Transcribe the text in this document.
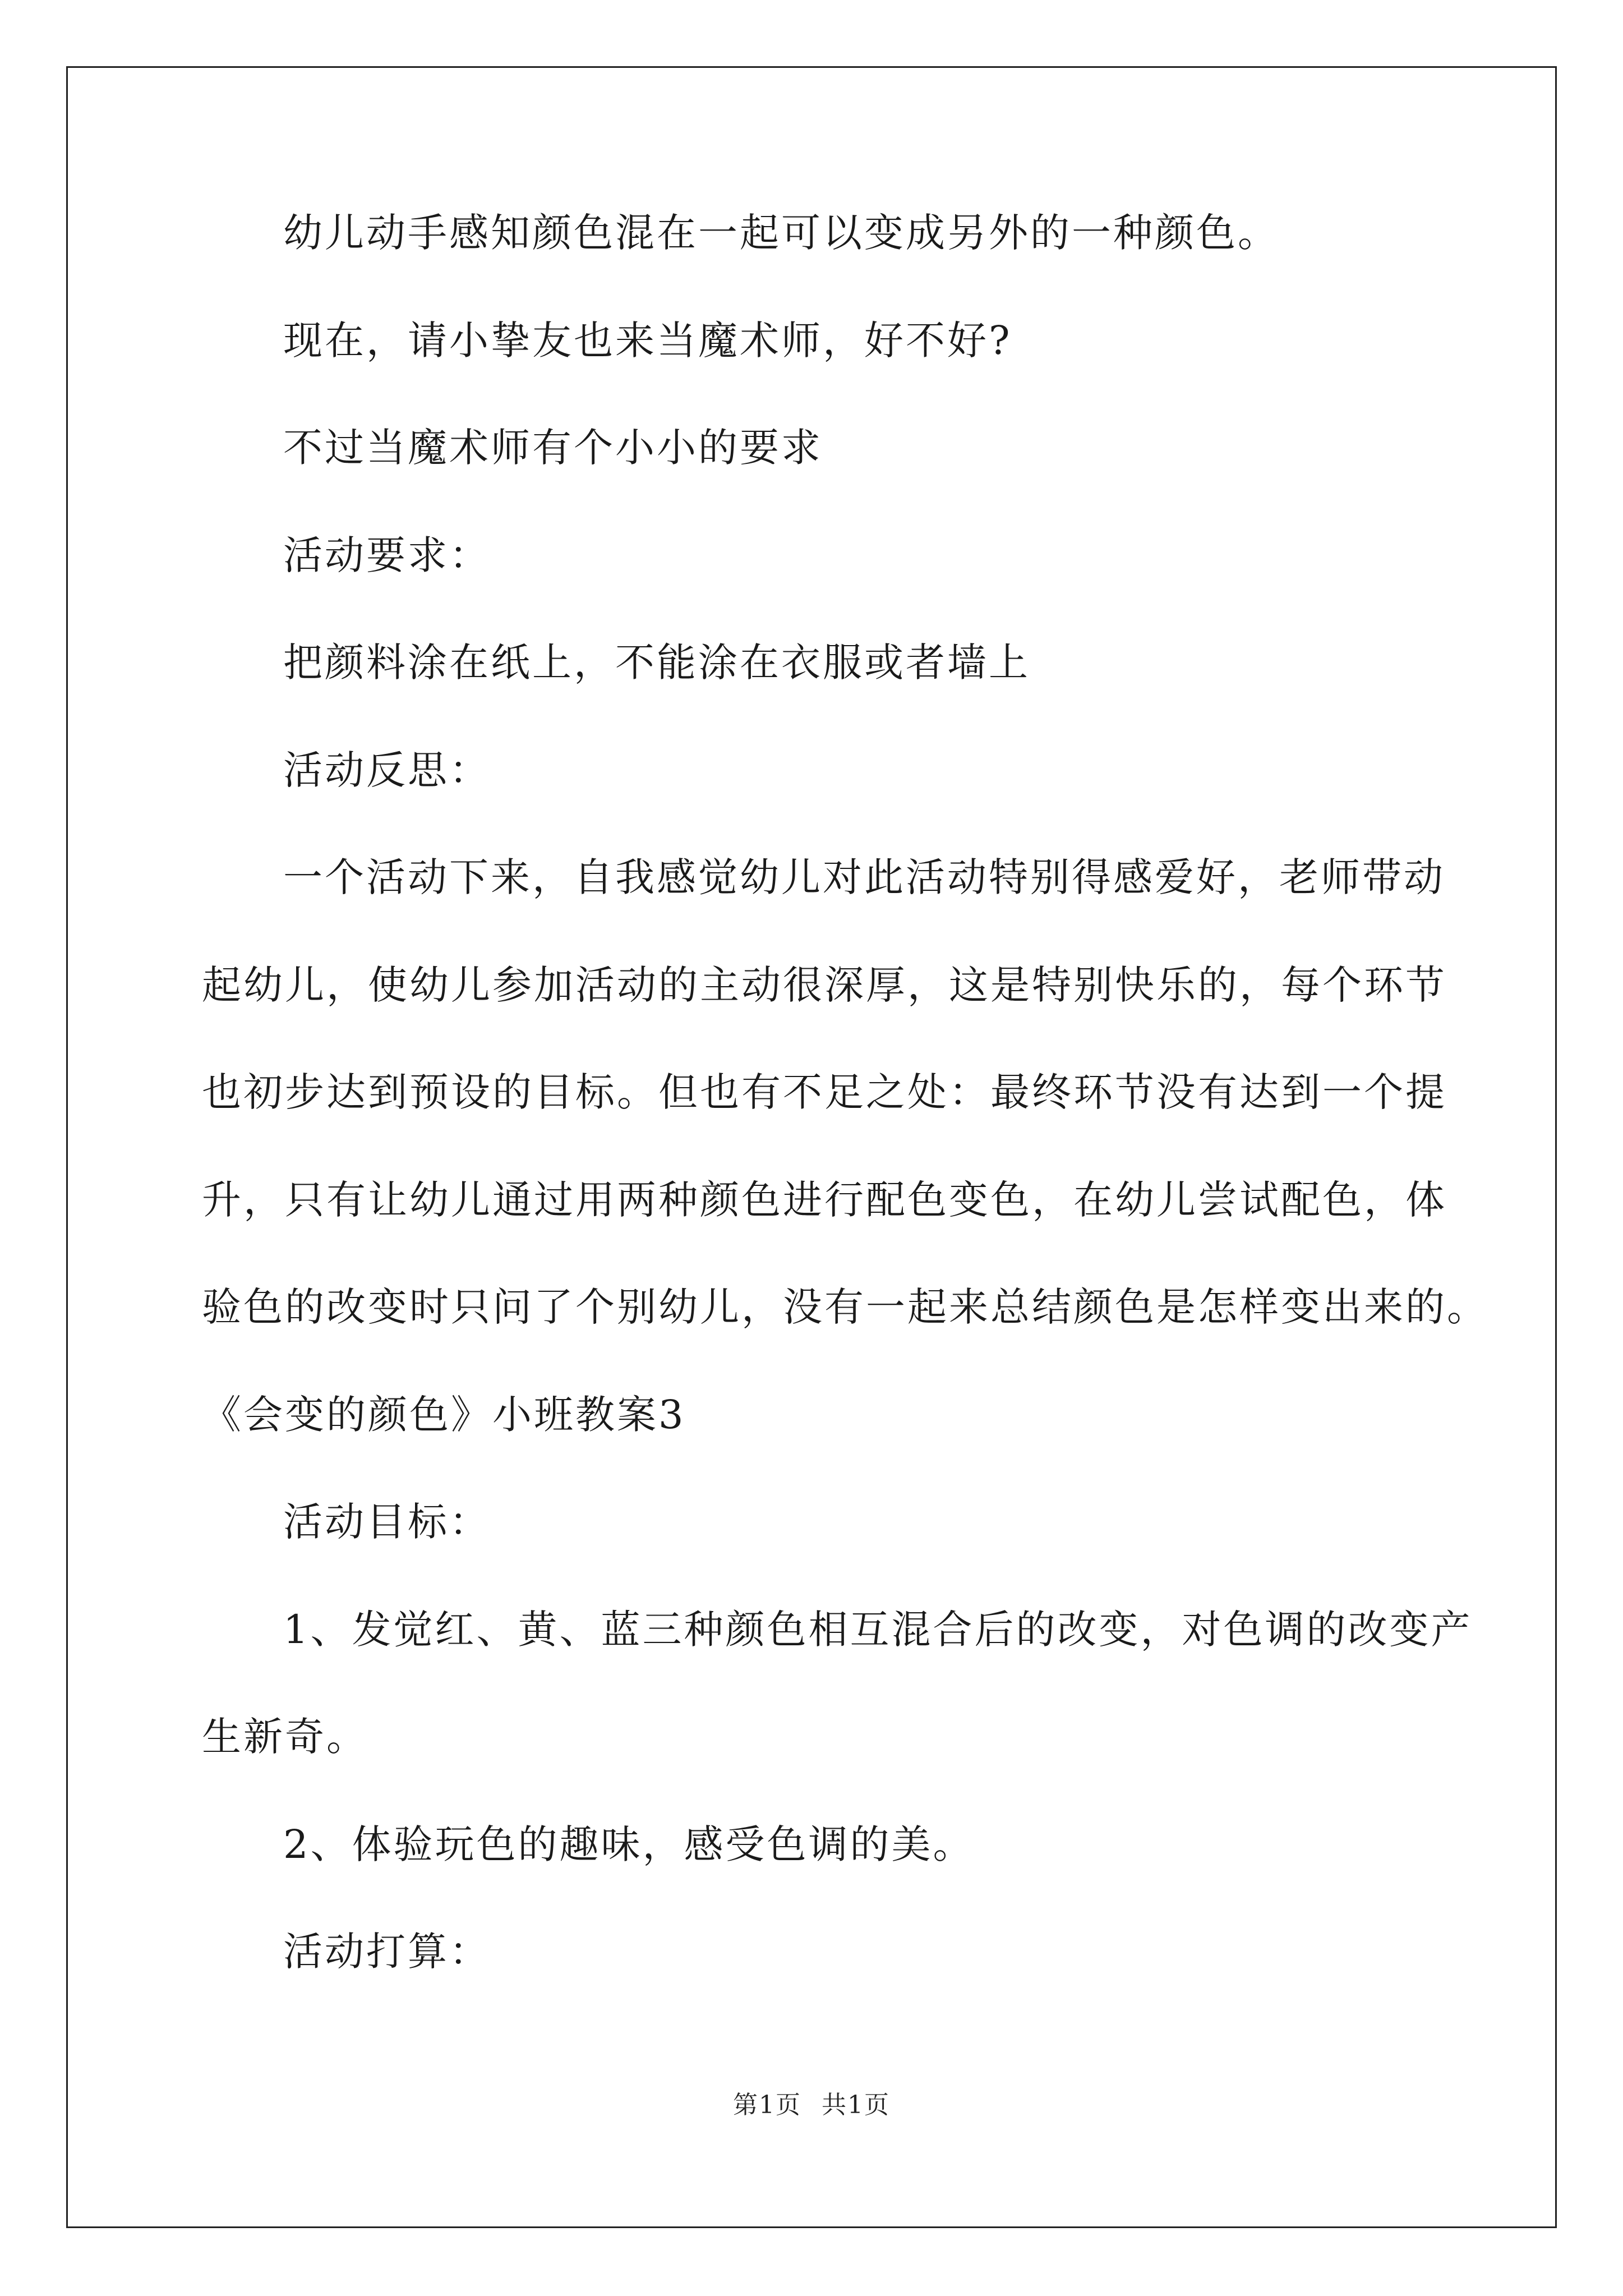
幼儿动手感知颜色混在一起可以变成另外的一种颜色。
现在，请小挚友也来当魔术师，好不好?
不过当魔术师有个小小的要求
活动要求：
把颜料涂在纸上，不能涂在衣服或者墙上
活动反思：
一个活动下来，自我感觉幼儿对此活动特别得感爱好，老师带动
起幼儿，使幼儿参加活动的主动很深厚，这是特别快乐的，每个环节
也初步达到预设的目标。但也有不足之处：最终环节没有达到一个提
升，只有让幼儿通过用两种颜色进行配色变色，在幼儿尝试配色，体
验色的改变时只问了个别幼儿，没有一起来总结颜色是怎样变出来的。
《会变的颜色》小班教案3
活动目标：
1、发觉红、黄、蓝三种颜色相互混合后的改变，对色调的改变产
生新奇。
2、体验玩色的趣味，感受色调的美。
活动打算：
第1页 共1页
